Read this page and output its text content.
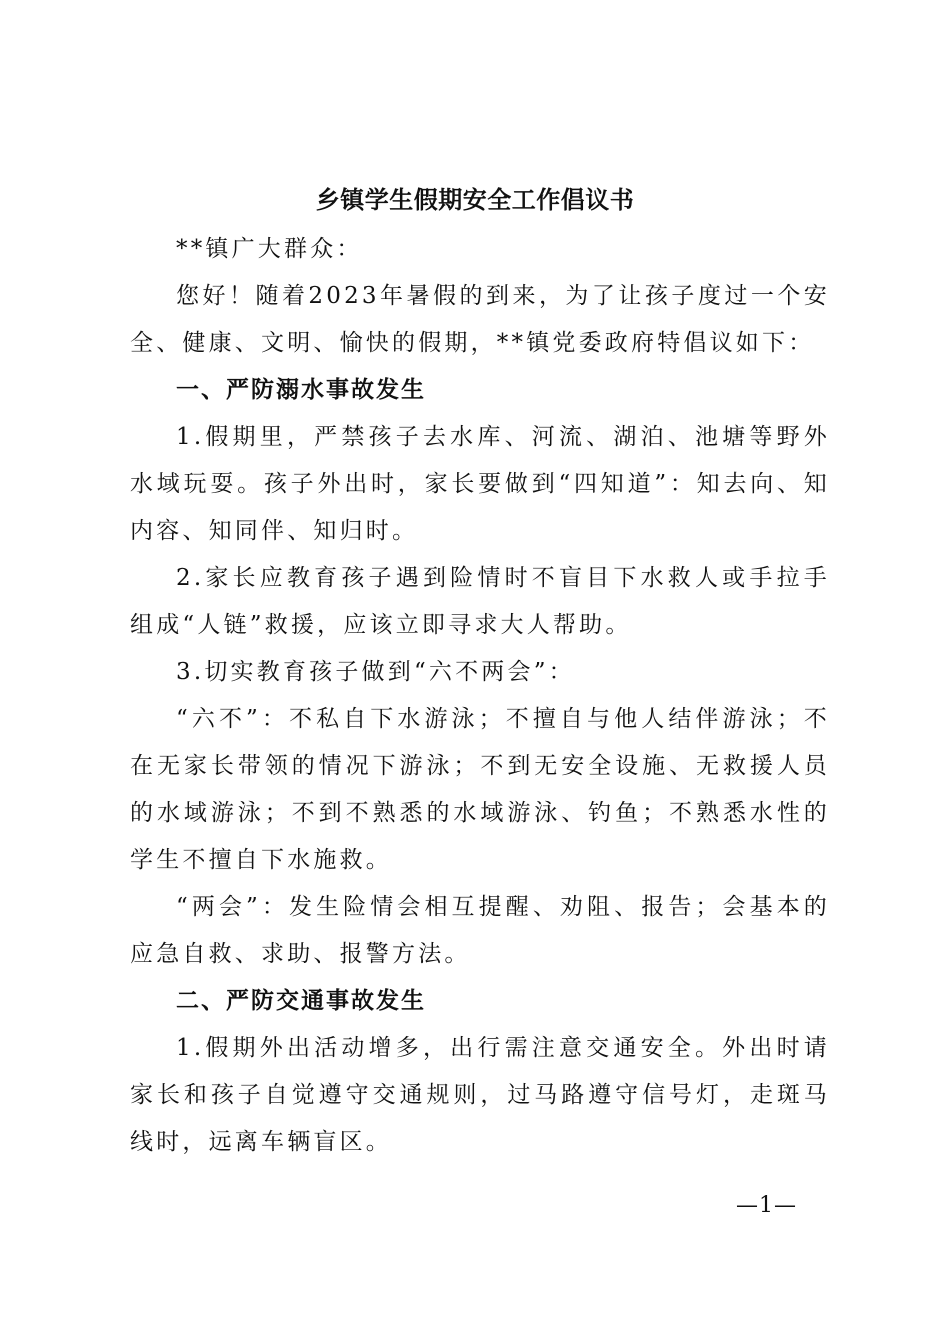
乡镇学生假期安全工作倡议书

**镇广大群众：

您好！随着2023年暑假的到来，为了让孩子度过一个安全、健康、文明、愉快的假期，**镇党委政府特倡议如下：

一、严防溺水事故发生

1.假期里，严禁孩子去水库、河流、湖泊、池塘等野外水域玩耍。孩子外出时，家长要做到“四知道”：知去向、知内容、知同伴、知归时。

2.家长应教育孩子遇到险情时不盲目下水救人或手拉手组成“人链”救援，应该立即寻求大人帮助。

3.切实教育孩子做到“六不两会”：

“六不”：不私自下水游泳；不擅自与他人结伴游泳；不在无家长带领的情况下游泳；不到无安全设施、无救援人员的水域游泳；不到不熟悉的水域游泳、钓鱼；不熟悉水性的学生不擅自下水施救。

“两会”：发生险情会相互提醒、劝阻、报告；会基本的应急自救、求助、报警方法。

二、严防交通事故发生

1.假期外出活动增多，出行需注意交通安全。外出时请家长和孩子自觉遵守交通规则，过马路遵守信号灯，走斑马线时，远离车辆盲区。

—1—
